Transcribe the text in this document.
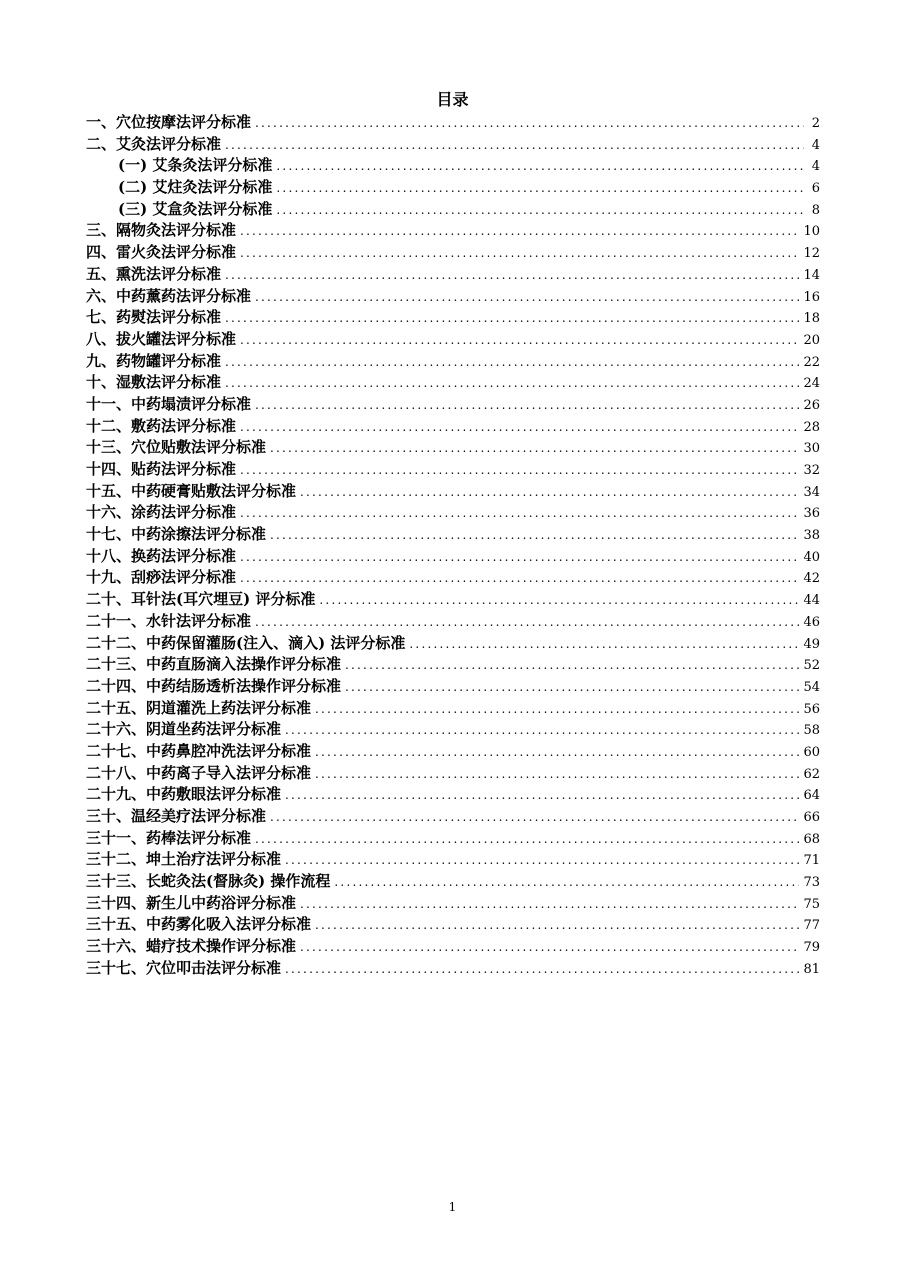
目录
一、穴位按摩法评分标准 .....	2
二、艾灸法评分标准 .....	4
(一) 艾条灸法评分标准 .....	4
(二) 艾炷灸法评分标准 .....	6
(三) 艾盒灸法评分标准 .....	8
三、隔物灸法评分标准 .....	10
四、雷火灸法评分标准 .....	12
五、熏洗法评分标准 .....	14
六、中药薰药法评分标准 .....	16
七、药熨法评分标准 .....	18
八、拔火罐法评分标准 .....	20
九、药物罐评分标准 .....	22
十、湿敷法评分标准 .....	24
十一、中药塌渍评分标准 .....	26
十二、敷药法评分标准 .....	28
十三、穴位贴敷法评分标准 .....	30
十四、贴药法评分标准 .....	32
十五、中药硬膏贴敷法评分标准 .....	34
十六、涂药法评分标准 .....	36
十七、中药涂擦法评分标准 .....	38
十八、换药法评分标准 .....	40
十九、刮痧法评分标准 .....	42
二十、耳针法(耳穴埋豆) 评分标准 .....	44
二十一、水针法评分标准 .....	46
二十二、中药保留灌肠(注入、滴入) 法评分标准 .....	49
二十三、中药直肠滴入法操作评分标准 .....	52
二十四、中药结肠透析法操作评分标准 .....	54
二十五、阴道灌洗上药法评分标准 .....	56
二十六、阴道坐药法评分标准 .....	58
二十七、中药鼻腔冲洗法评分标准 .....	60
二十八、中药离子导入法评分标准 .....	62
二十九、中药敷眼法评分标准 .....	64
三十、温经美疗法评分标准 .....	66
三十一、药棒法评分标准 .....	68
三十二、坤土治疗法评分标准 .....	71
三十三、长蛇灸法(督脉灸) 操作流程 .....	73
三十四、新生儿中药浴评分标准 .....	75
三十五、中药雾化吸入法评分标准 .....	77
三十六、蜡疗技术操作评分标准 .....	79
三十七、穴位叩击法评分标准 .....	81
1
